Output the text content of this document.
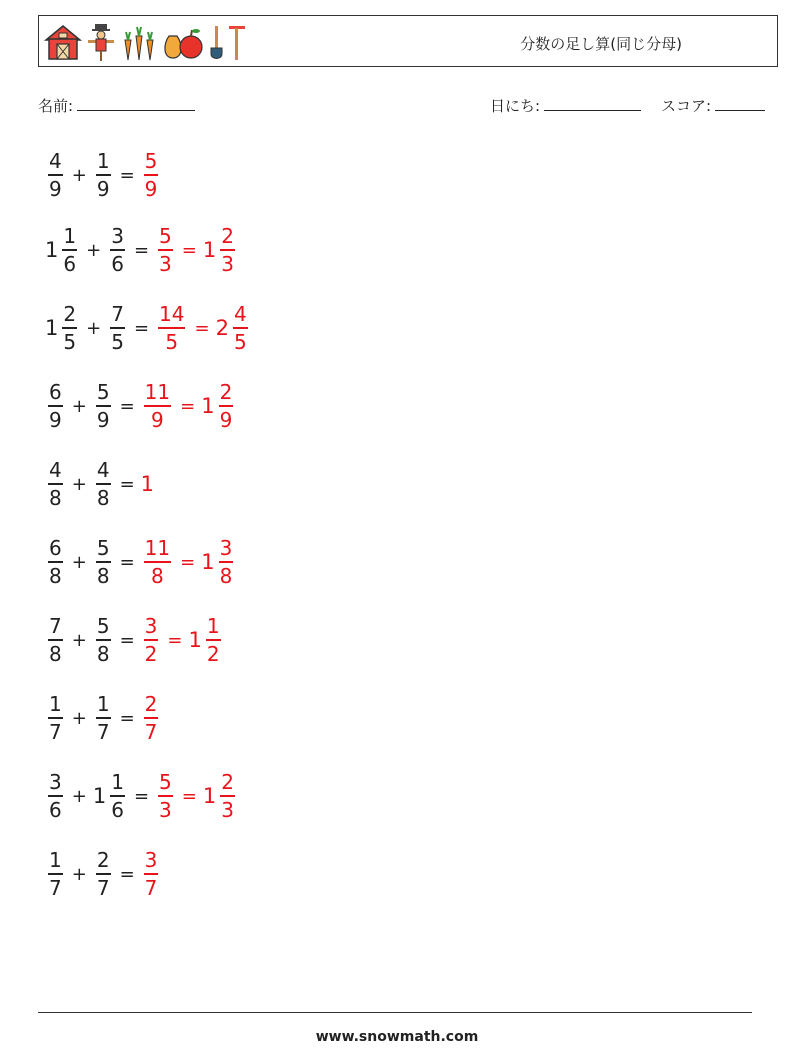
分数の足し算(同じ分母)
名前:	日にち:	スコア:
$\frac{4}{9} + \frac{1}{9} = \frac{5}{9}$
$1 \frac{1}{6} + \frac{3}{6} = \frac{5}{3} = 1 \frac{2}{3}$
$1 \frac{2}{5} + \frac{7}{5} = \frac{14}{5} = 2 \frac{4}{5}$
$\frac{6}{9} + \frac{5}{9} = \frac{11}{9} = 1 \frac{2}{9}$
$\frac{4}{8} + \frac{4}{8} = 1$
$\frac{6}{8} + \frac{5}{8} = \frac{11}{8} = 1 \frac{3}{8}$
$\frac{7}{8} + \frac{5}{8} = \frac{3}{2} = 1 \frac{1}{2}$
$\frac{1}{7} + \frac{1}{7} = \frac{2}{7}$
$\frac{3}{6} + 1 \frac{1}{6} = \frac{5}{3} = 1 \frac{2}{3}$
$\frac{1}{7} + \frac{2}{7} = \frac{3}{7}$
www.snowmath.com
